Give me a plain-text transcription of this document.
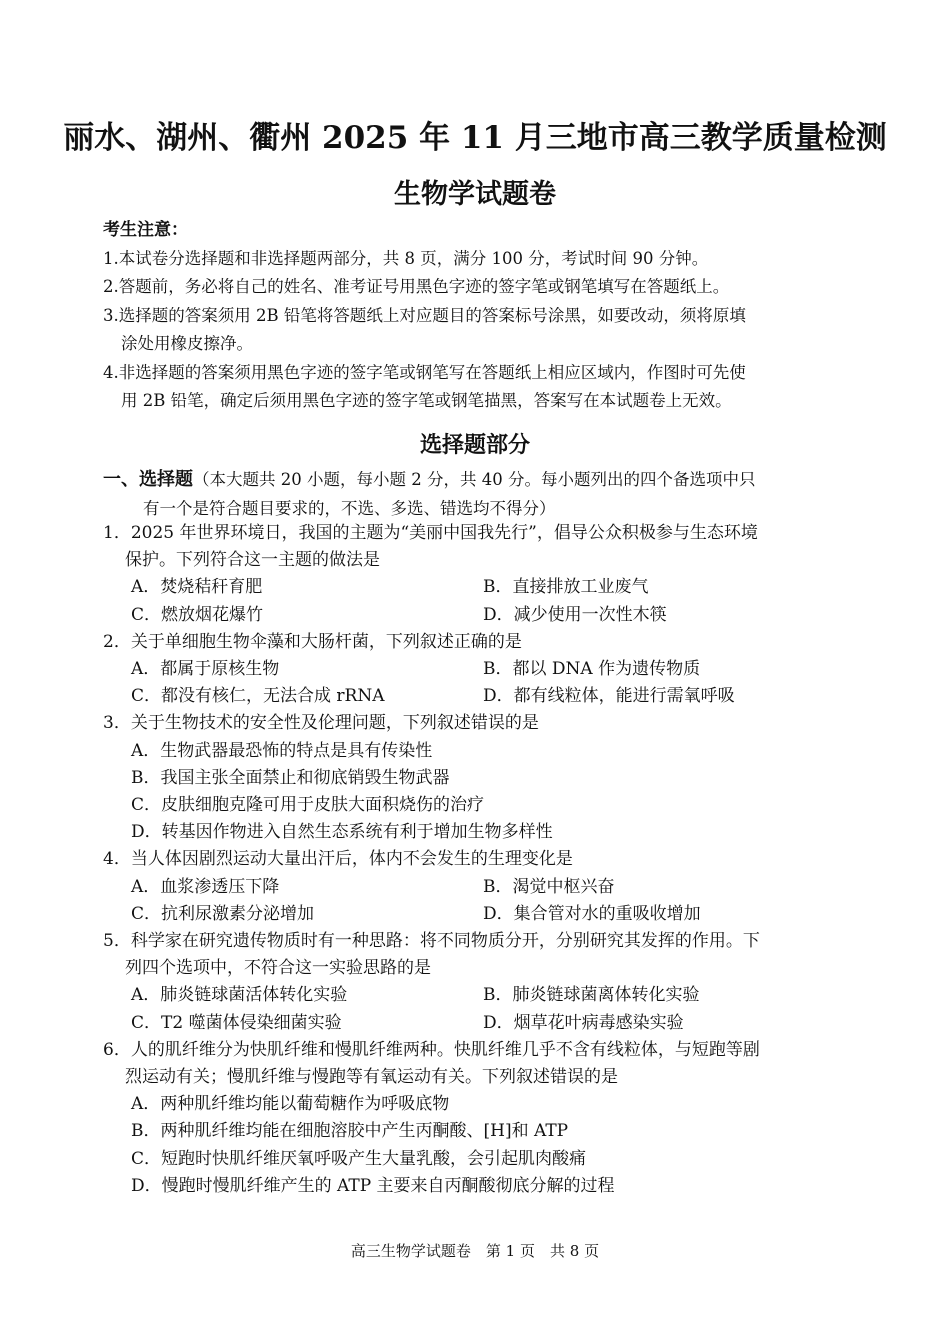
丽水、湖州、衢州 2025 年 11 月三地市高三教学质量检测
生物学试题卷
考生注意：
1.本试卷分选择题和非选择题两部分，共 8 页，满分 100 分，考试时间 90 分钟。
2.答题前，务必将自己的姓名、准考证号用黑色字迹的签字笔或钢笔填写在答题纸上。
3.选择题的答案须用 2B 铅笔将答题纸上对应题目的答案标号涂黑，如要改动，须将原填
涂处用橡皮擦净。
4.非选择题的答案须用黑色字迹的签字笔或钢笔写在答题纸上相应区域内，作图时可先使
用 2B 铅笔，确定后须用黑色字迹的签字笔或钢笔描黑，答案写在本试题卷上无效。
选择题部分
一、选择题（本大题共 20 小题，每小题 2 分，共 40 分。每小题列出的四个备选项中只
有一个是符合题目要求的，不选、多选、错选均不得分）
1．2025 年世界环境日，我国的主题为“美丽中国我先行”，倡导公众积极参与生态环境
保护。下列符合这一主题的做法是
A．焚烧秸秆育肥	B．直接排放工业废气
C．燃放烟花爆竹	D．减少使用一次性木筷
2．关于单细胞生物伞藻和大肠杆菌，下列叙述正确的是
A．都属于原核生物	B．都以 DNA 作为遗传物质
C．都没有核仁，无法合成 rRNA	D．都有线粒体，能进行需氧呼吸
3．关于生物技术的安全性及伦理问题，下列叙述错误的是
A．生物武器最恐怖的特点是具有传染性
B．我国主张全面禁止和彻底销毁生物武器
C．皮肤细胞克隆可用于皮肤大面积烧伤的治疗
D．转基因作物进入自然生态系统有利于增加生物多样性
4．当人体因剧烈运动大量出汗后，体内不会发生的生理变化是
A．血浆渗透压下降	B．渴觉中枢兴奋
C．抗利尿激素分泌增加	D．集合管对水的重吸收增加
5．科学家在研究遗传物质时有一种思路：将不同物质分开，分别研究其发挥的作用。下
列四个选项中，不符合这一实验思路的是
A．肺炎链球菌活体转化实验	B．肺炎链球菌离体转化实验
C．T2 噬菌体侵染细菌实验	D．烟草花叶病毒感染实验
6．人的肌纤维分为快肌纤维和慢肌纤维两种。快肌纤维几乎不含有线粒体，与短跑等剧
烈运动有关；慢肌纤维与慢跑等有氧运动有关。下列叙述错误的是
A．两种肌纤维均能以葡萄糖作为呼吸底物
B．两种肌纤维均能在细胞溶胶中产生丙酮酸、[H]和 ATP
C．短跑时快肌纤维厌氧呼吸产生大量乳酸，会引起肌肉酸痛
D．慢跑时慢肌纤维产生的 ATP 主要来自丙酮酸彻底分解的过程
高三生物学试题卷　第 1 页　共 8 页
